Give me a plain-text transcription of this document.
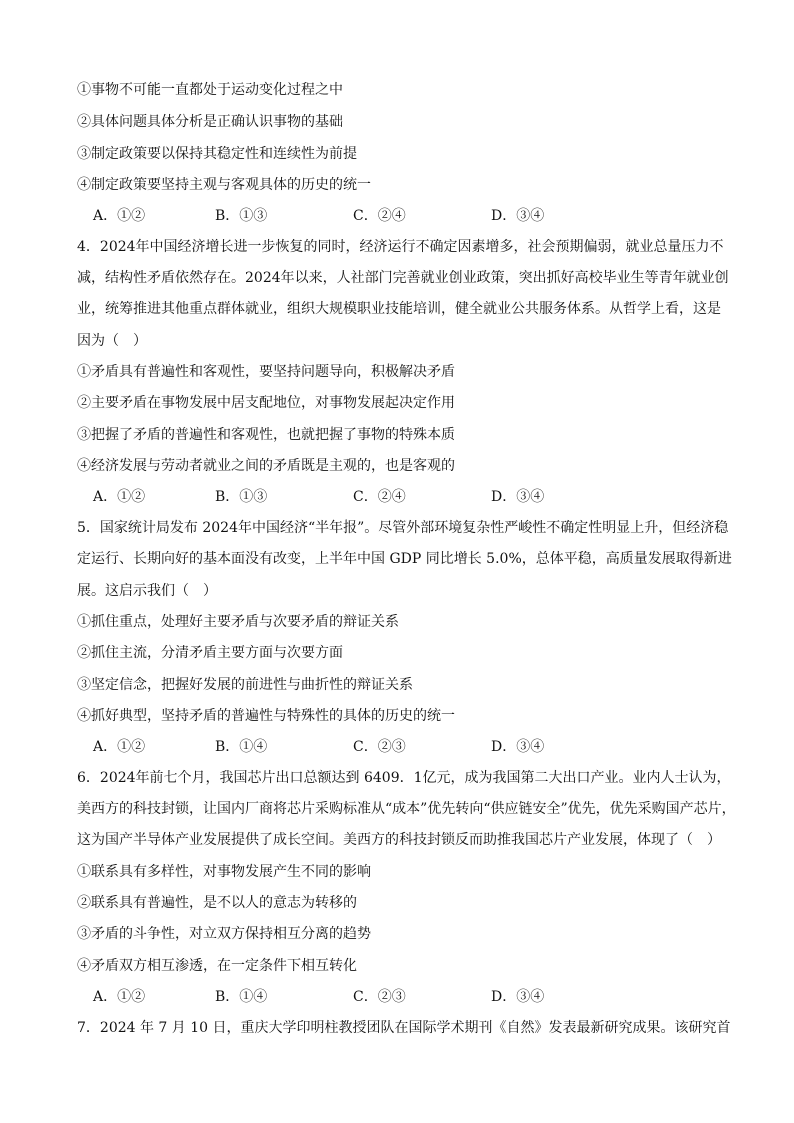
①事物不可能一直都处于运动变化过程之中
②具体问题具体分析是正确认识事物的基础
③制定政策要以保持其稳定性和连续性为前提
④制定政策要坚持主观与客观具体的历史的统一
A．①②	B．①③	C．②④	D．③④
4．2024年中国经济增长进一步恢复的同时，经济运行不确定因素增多，社会预期偏弱，就业总量压力不
减，结构性矛盾依然存在。2024年以来，人社部门完善就业创业政策，突出抓好高校毕业生等青年就业创
业，统筹推进其他重点群体就业，组织大规模职业技能培训，健全就业公共服务体系。从哲学上看，这是
因为（　）
①矛盾具有普遍性和客观性，要坚持问题导向，积极解决矛盾
②主要矛盾在事物发展中居支配地位，对事物发展起决定作用
③把握了矛盾的普遍性和客观性，也就把握了事物的特殊本质
④经济发展与劳动者就业之间的矛盾既是主观的，也是客观的
A．①②	B．①③	C．②④	D．③④
5．国家统计局发布 2024年中国经济“半年报”。尽管外部环境复杂性严峻性不确定性明显上升，但经济稳
定运行、长期向好的基本面没有改变，上半年中国 GDP 同比增长 5.0%，总体平稳，高质量发展取得新进
展。这启示我们（　）
①抓住重点，处理好主要矛盾与次要矛盾的辩证关系
②抓住主流，分清矛盾主要方面与次要方面
③坚定信念，把握好发展的前进性与曲折性的辩证关系
④抓好典型，坚持矛盾的普遍性与特殊性的具体的历史的统一
A．①②	B．①④	C．②③	D．③④
6．2024年前七个月，我国芯片出口总额达到 6409．1亿元，成为我国第二大出口产业。业内人士认为，
美西方的科技封锁，让国内厂商将芯片采购标准从“成本”优先转向“供应链安全”优先，优先采购国产芯片，
这为国产半导体产业发展提供了成长空间。美西方的科技封锁反而助推我国芯片产业发展，体现了（　）
①联系具有多样性，对事物发展产生不同的影响
②联系具有普遍性，是不以人的意志为转移的
③矛盾的斗争性，对立双方保持相互分离的趋势
④矛盾双方相互渗透，在一定条件下相互转化
A．①②	B．①④	C．②③	D．③④
7．2024 年 7 月 10 日，重庆大学印明柱教授团队在国际学术期刊《自然》发表最新研究成果。该研究首
